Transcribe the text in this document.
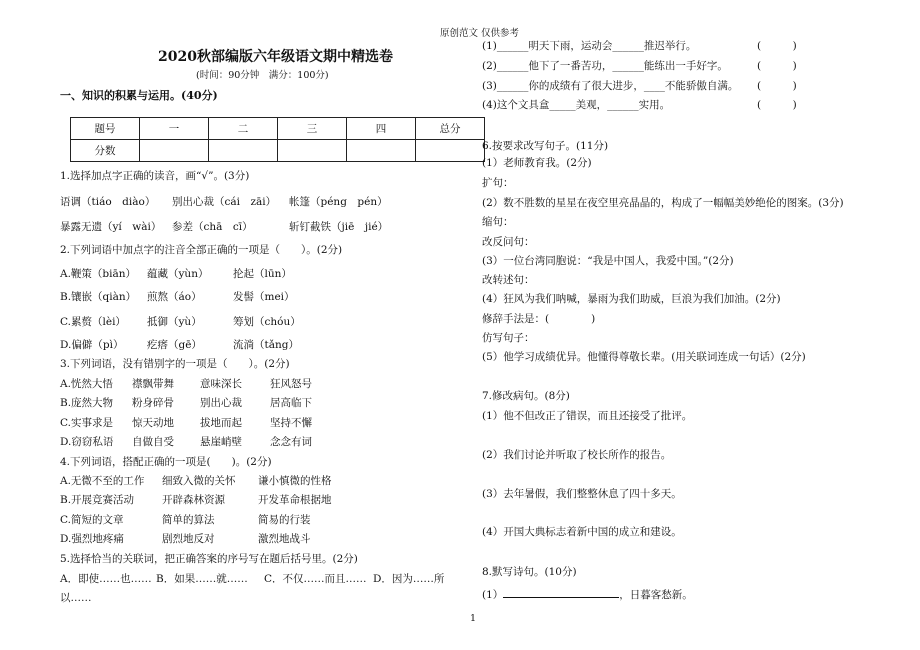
原创范文 仅供参考
1
2020秋部编版六年级语文期中精选卷
(时间：90分钟　满分：100分)
一、知识的积累与运用。(40分)
题号	一	二	三	四	总分
分数					
1.选择加点字正确的读音，画“√”。(3分)
语调（tiáo　diào） 别出心裁（cái　zāi） 帐篷（péng　pén）
暴露无遗（yí　wài） 参差（chā　cī）	斩钉截铁（jiē　jié）
2.下列词语中加点字的注音全部正确的一项是（　　）。(2分)
A.鞭策（biān） 蕴藏（yùn） 抡起（lūn）
B.镶嵌（qiàn） 煎熬（áo）	发髻（mei）
C.累赘（lèi） 抵御（yù）	筹划（chóu）
D.偏僻（pì） 疙瘩（gē）	流淌（tǎng）
3.下列词语，没有错别字的一项是（　　）。(2分)
A.恍然大悟 襟飘带舞 意味深长	狂风怒号
B.庞然大物 粉身碎骨 别出心裁	居高临下
C.实事求是 惊天动地 拔地而起	坚持不懈
D.窃窃私语 自做自受 悬崖峭壁	念念有词
4.下列词语，搭配正确的一项是(　　)。(2分)
A.无微不至的工作 细致入微的关怀 谦小慎微的性格
B.开展竞赛活动	开辟森林资源	开发革命根据地
C.简短的文章	简单的算法	简易的行装
D.强烈地疼痛	剧烈地反对	激烈地战斗
5.选择恰当的关联词，把正确答案的序号写在题后括号里。(2分)
A．即使……也…… B．如果……就…… C．不仅……而且…… D．因为……所
以……
(1)______明天下雨，运动会______推迟举行。	(　　　)
(2)______他下了一番苦功，______能练出一手好字。	(　　　)
(3)______你的成绩有了很大进步，____不能骄傲自满。 (　　　)
(4)这个文具盒_____美观，______实用。	(　　　)
6.按要求改写句子。(11分)
(1）老师教育我。(2分)
扩句：
(2）数不胜数的星星在夜空里亮晶晶的，构成了一幅幅美妙绝伦的图案。(3分)
缩句：
改反问句：
(3）一位台湾同胞说：“我是中国人，我爱中国。”(2分)
改转述句：
(4）狂风为我们呐喊，暴雨为我们助威，巨浪为我们加油。(2分)
修辞手法是：(　　　　)
仿写句子：
(5）他学习成绩优异。他懂得尊敬长辈。(用关联词连成一句话）(2分)
7.修改病句。(8分)
(1）他不但改正了错误，而且还接受了批评。
(2）我们讨论并听取了校长所作的报告。
(3）去年暑假，我们整整休息了四十多天。
(4）开国大典标志着新中国的成立和建设。
8.默写诗句。(10分)
(1）	，日暮客愁新。
